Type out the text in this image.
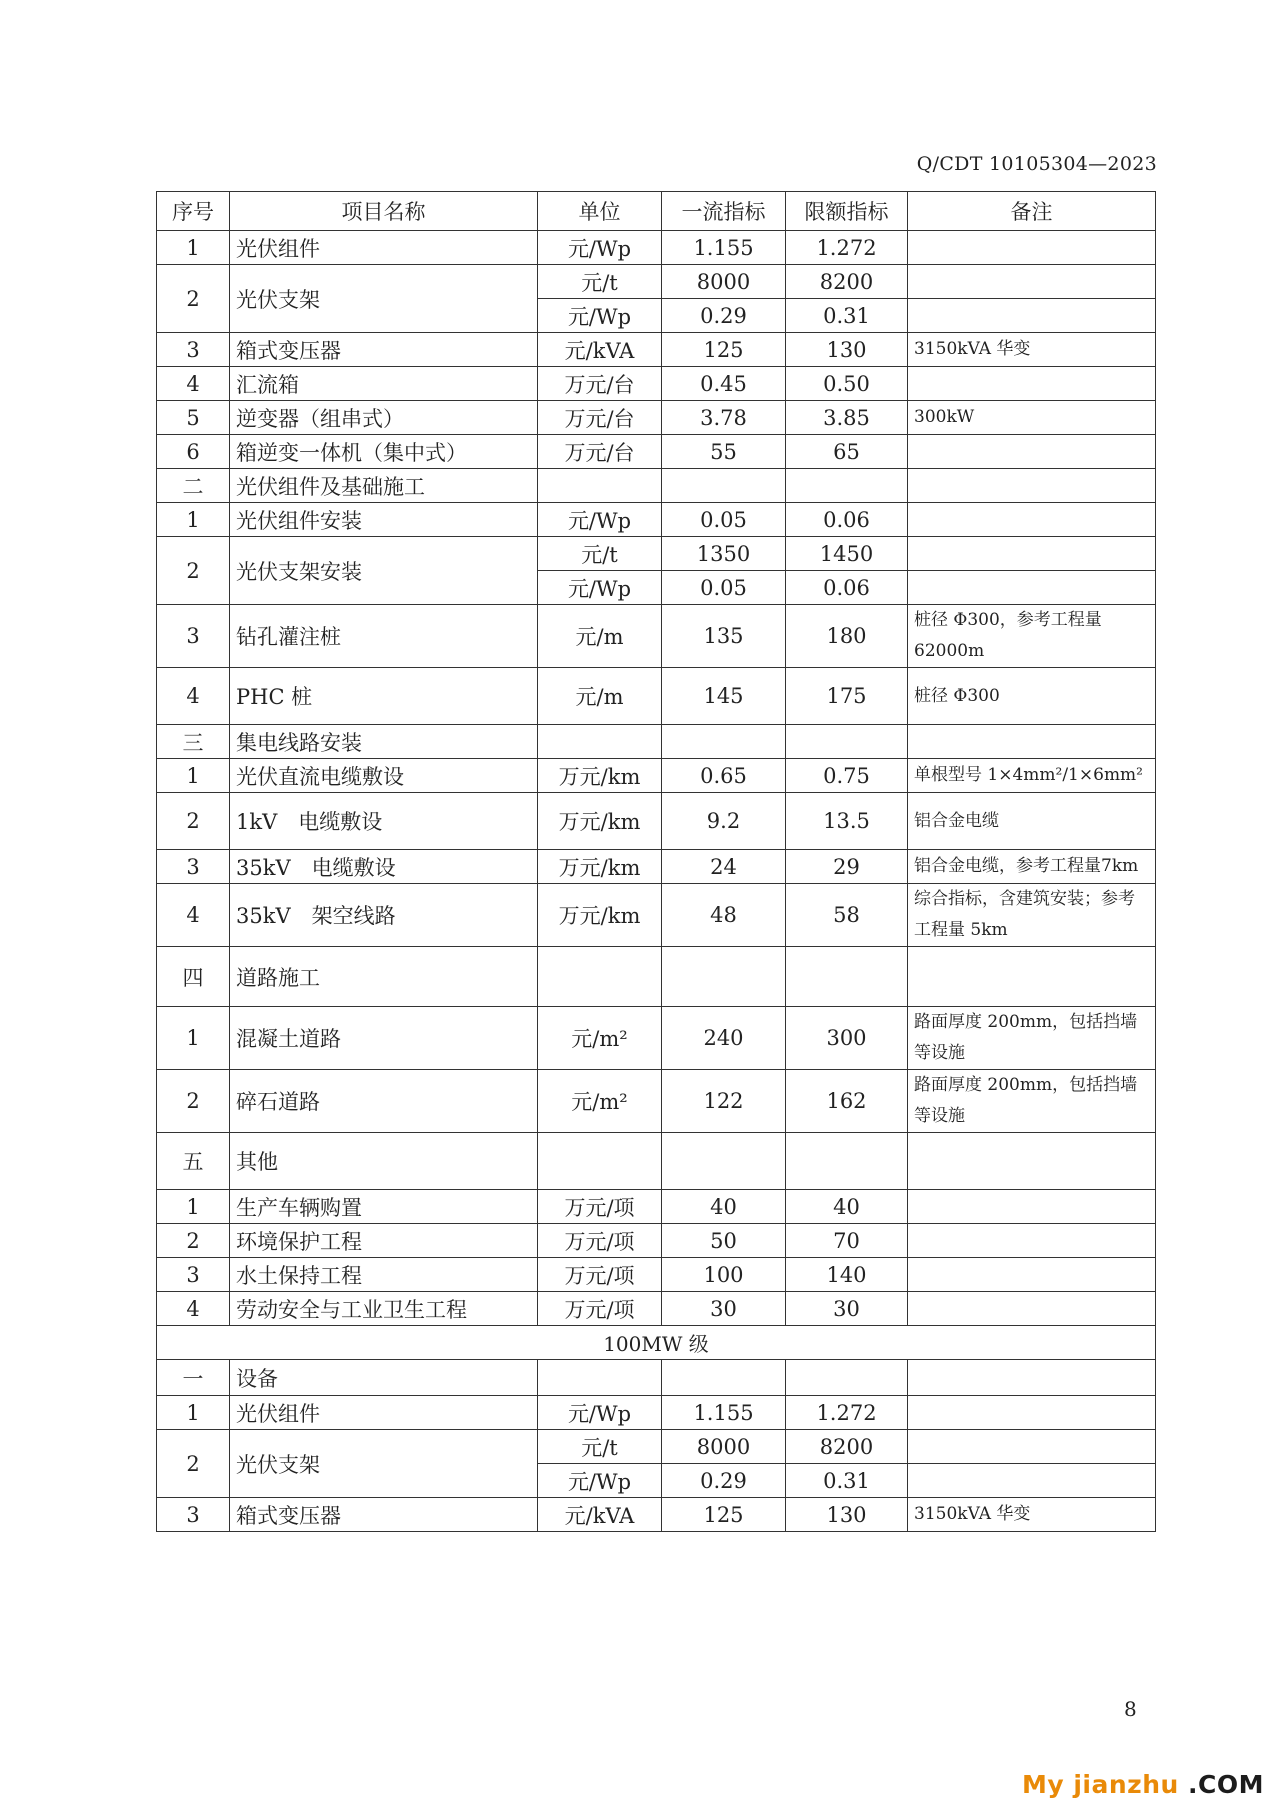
Q/CDT 10105304—2023
序号	项目名称	单位	一流指标	限额指标	备注
1	光伏组件	元/Wp	1.155	1.272	
2	光伏支架	元/t	8000	8200	
		元/Wp	0.29	0.31	
3	箱式变压器	元/kVA	125	130	3150kVA 华变
4	汇流箱	万元/台	0.45	0.50	
5	逆变器（组串式）	万元/台	3.78	3.85	300kW
6	箱逆变一体机（集中式）	万元/台	55	65	
二	光伏组件及基础施工				
1	光伏组件安装	元/Wp	0.05	0.06	
2	光伏支架安装	元/t	1350	1450	
		元/Wp	0.05	0.06	
3	钻孔灌注桩	元/m	135	180	桩径 Φ300，参考工程量62000m
4	PHC 桩	元/m	145	175	桩径 Φ300
三	集电线路安装				
1	光伏直流电缆敷设	万元/km	0.65	0.75	单根型号 1×4mm²/1×6mm²
2	1kV　电缆敷设	万元/km	9.2	13.5	铝合金电缆
3	35kV　电缆敷设	万元/km	24	29	铝合金电缆，参考工程量7km
4	35kV　架空线路	万元/km	48	58	综合指标，含建筑安装；参考工程量 5km
四	道路施工				
1	混凝土道路	元/m²	240	300	路面厚度 200mm，包括挡墙等设施
2	碎石道路	元/m²	122	162	路面厚度 200mm，包括挡墙等设施
五	其他				
1	生产车辆购置	万元/项	40	40	
2	环境保护工程	万元/项	50	70	
3	水土保持工程	万元/项	100	140	
4	劳动安全与工业卫生工程	万元/项	30	30	
100MW 级					
一	设备				
1	光伏组件	元/Wp	1.155	1.272	
2	光伏支架	元/t	8000	8200	
		元/Wp	0.29	0.31	
3	箱式变压器	元/kVA	125	130	3150kVA 华变
8
My jianzhu .COM
